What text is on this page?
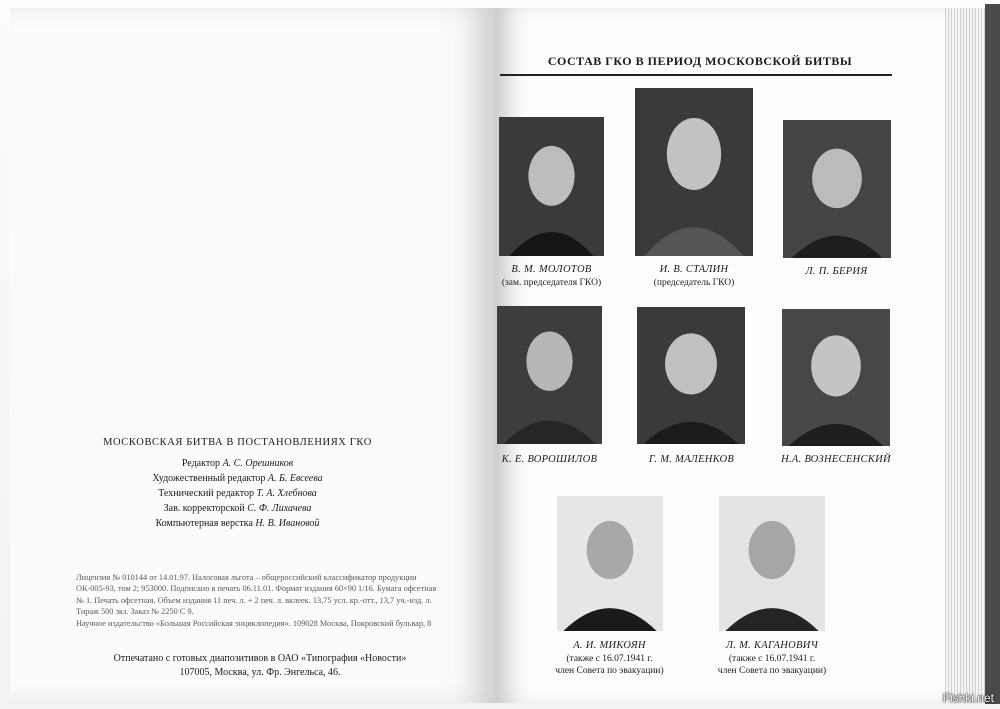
МОСКОВСКАЯ БИТВА В ПОСТАНОВЛЕНИЯХ ГКО
Редактор А. С. Орешников
Художественный редактор А. Б. Евсеева
Технический редактор Т. А. Хлебнова
Зав. корректорской С. Ф. Лихачева
Компьютерная верстка Н. В. Ивановой
Лицензия № 010144 от 14.01.97. Налоговая льгота – общероссийский классификатор продукции
ОК-005-93, том 2; 953000. Подписано в печать 06.11.01. Формат издания 60×90 1/16. Бумага офсетная
№ 1. Печать офсетная. Объем издания 11 печ. л. + 2 печ. л. вклеек. 13,75 усл. кр.-отт., 13,7 уч.-изд. л.
Тираж 500 экз. Заказ № 2250 С 9.
Научное издательство «Большая Российская энциклопедия». 109028 Москва, Покровский бульвар, 8
Отпечатано с готовых диапозитивов в ОАО «Типография «Новости»
107005, Москва, ул. Фр. Энгельса, 46.
СОСТАВ ГКО В ПЕРИОД МОСКОВСКОЙ БИТВЫ
В. М. МОЛОТОВ
(зам. председателя ГКО)
И. В. СТАЛИН
(председатель ГКО)
Л. П. БЕРИЯ
К. Е. ВОРОШИЛОВ	Г. М. МАЛЕНКОВ	Н.А. ВОЗНЕСЕНСКИЙ
А. И. МИКОЯН
(также с 16.07.1941 г.
член Совета по эвакуации)
Л. М. КАГАНОВИЧ
(также с 16.07.1941 г.
член Совета по эвакуации)
Fishki.net
